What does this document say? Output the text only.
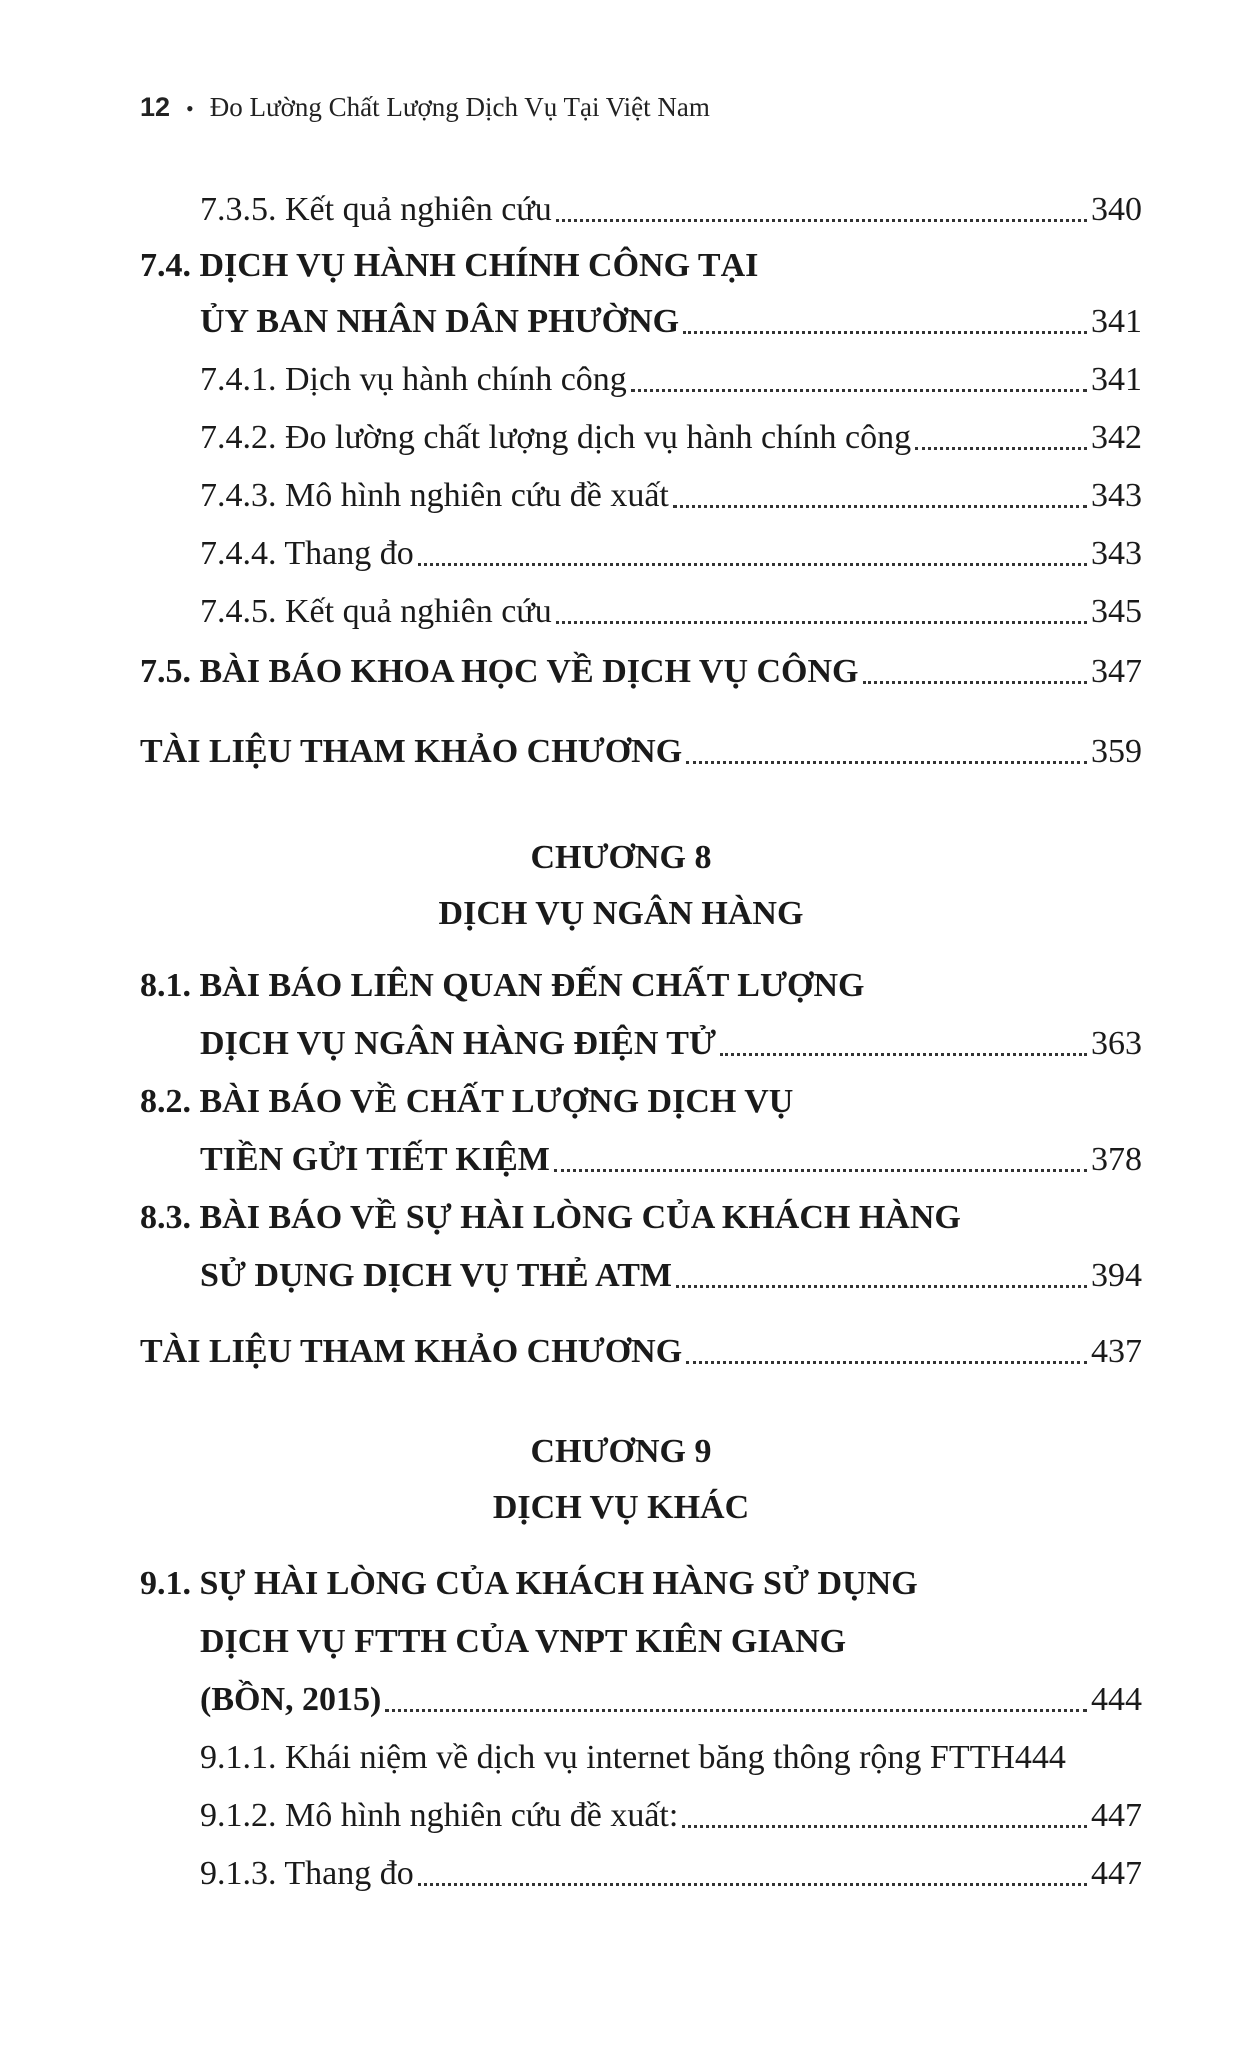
12 • Đo Lường Chất Lượng Dịch Vụ Tại Việt Nam
7.3.5. Kết quả nghiên cứu	340
7.4. DỊCH VỤ HÀNH CHÍNH CÔNG TẠI
ỦY BAN NHÂN DÂN PHƯỜNG	341
7.4.1. Dịch vụ hành chính công	341
7.4.2. Đo lường chất lượng dịch vụ hành chính công	342
7.4.3. Mô hình nghiên cứu đề xuất	343
7.4.4. Thang đo	343
7.4.5. Kết quả nghiên cứu	345
7.5. BÀI BÁO KHOA HỌC VỀ DỊCH VỤ CÔNG	347
TÀI LIỆU THAM KHẢO CHƯƠNG	359
CHƯƠNG 8
DỊCH VỤ NGÂN HÀNG
8.1. BÀI BÁO LIÊN QUAN ĐẾN CHẤT LƯỢNG
DỊCH VỤ NGÂN HÀNG ĐIỆN TỬ	363
8.2. BÀI BÁO VỀ CHẤT LƯỢNG DỊCH VỤ
TIỀN GỬI TIẾT KIỆM	378
8.3. BÀI BÁO VỀ SỰ HÀI LÒNG CỦA KHÁCH HÀNG
SỬ DỤNG DỊCH VỤ THẺ ATM	394
TÀI LIỆU THAM KHẢO CHƯƠNG	437
CHƯƠNG 9
DỊCH VỤ KHÁC
9.1. SỰ HÀI LÒNG CỦA KHÁCH HÀNG SỬ DỤNG
DỊCH VỤ FTTH CỦA VNPT KIÊN GIANG
(BỒN, 2015)	444
9.1.1. Khái niệm về dịch vụ internet băng thông rộng FTTH 444
9.1.2. Mô hình nghiên cứu đề xuất:	447
9.1.3. Thang đo	447
